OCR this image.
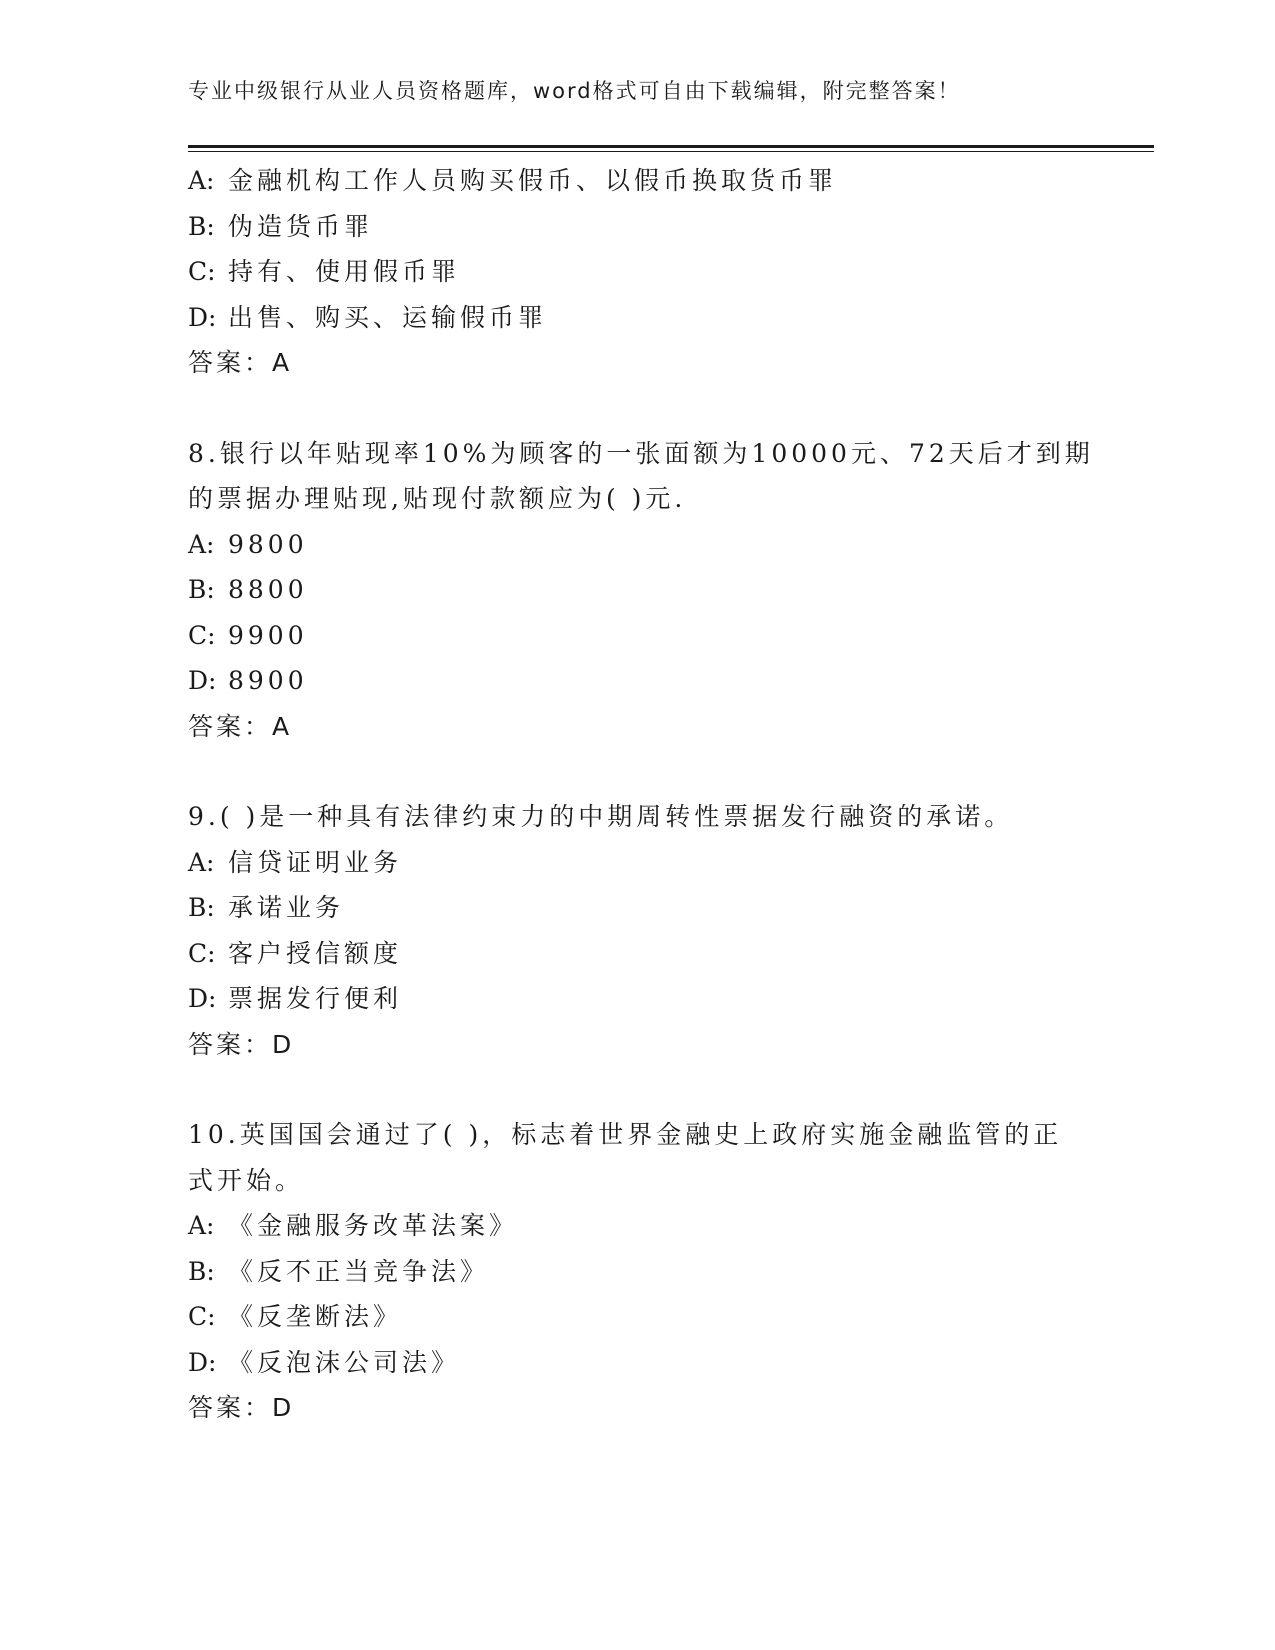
专业中级银行从业人员资格题库，word格式可自由下载编辑，附完整答案！
A: 金融机构工作人员购买假币、以假币换取货币罪
B: 伪造货币罪
C: 持有、使用假币罪
D: 出售、购买、运输假币罪
答案：A
8.银行以年贴现率10%为顾客的一张面额为10000元、72天后才到期
的票据办理贴现,贴现付款额应为( )元.
A: 9800
B: 8800
C: 9900
D: 8900
答案：A
9.( )是一种具有法律约束力的中期周转性票据发行融资的承诺。
A: 信贷证明业务
B: 承诺业务
C: 客户授信额度
D: 票据发行便利
答案：D
10.英国国会通过了( )，标志着世界金融史上政府实施金融监管的正
式开始。
A: 《金融服务改革法案》
B: 《反不正当竞争法》
C: 《反垄断法》
D: 《反泡沫公司法》
答案：D
